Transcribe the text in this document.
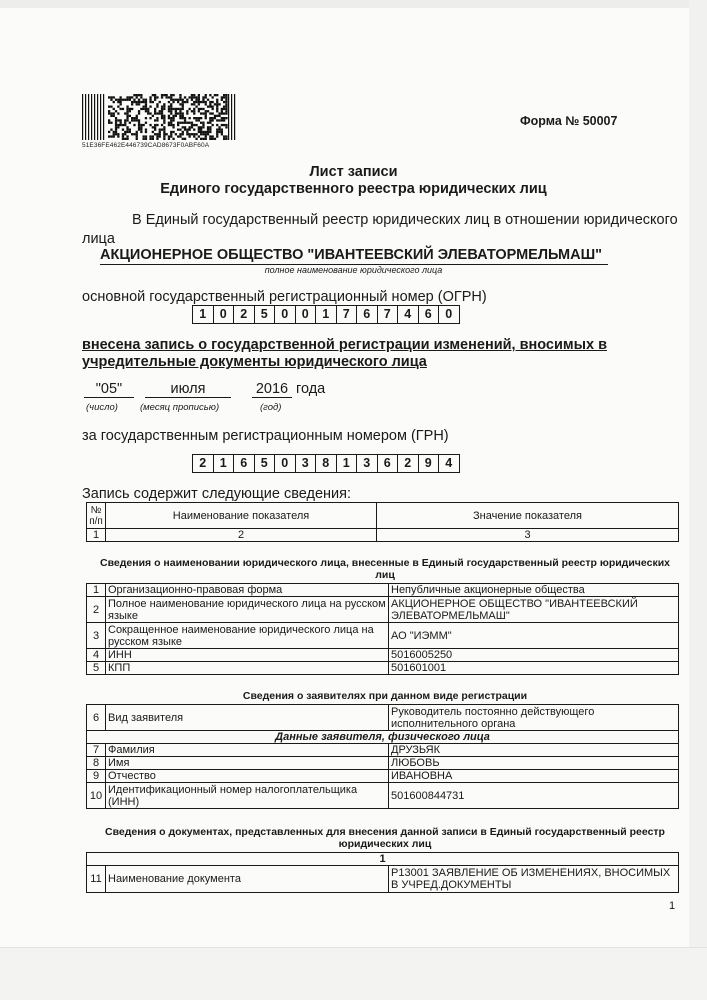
51E36FE462E446739CAD8673F0ABF60A
Форма № 50007
Лист записи
Единого государственного реестра юридических лиц
В Единый государственный реестр юридических лиц в отношении юридического
лица
АКЦИОНЕРНОЕ ОБЩЕСТВО "ИВАНТЕЕВСКИЙ ЭЛЕВАТОРМЕЛЬМАШ"
полное наименование юридического лица
основной государственный регистрационный номер (ОГРН)
1	0	2	5	0	0	1	7	6	7	4	6	0
внесена запись о государственной регистрации изменений, вносимых в учредительные документы юридического лица
"05"	июля	2016 года
(число) (месяц прописью)	(год)
за государственным регистрационным номером (ГРН)
2	1	6	5	0	3	8	1	3	6	2	9	4
Запись содержит следующие сведения:
№ п/п	Наименование показателя	Значение показателя
1	2	3
Сведения о наименовании юридического лица, внесенные в Единый государственный реестр юридических лиц
1	Организационно-правовая форма	Непубличные акционерные общества
2	Полное наименование юридического лица на русском языке	АКЦИОНЕРНОЕ ОБЩЕСТВО "ИВАНТЕЕВСКИЙ ЭЛЕВАТОРМЕЛЬМАШ"
3	Сокращенное наименование юридического лица на русском языке	АО "ИЭММ"
4	ИНН	5016005250
5	КПП	501601001
Сведения о заявителях при данном виде регистрации
6	Вид заявителя	Руководитель постоянно действующего исполнительного органа
Данные заявителя, физического лица		
7	Фамилия	ДРУЗЬЯК
8	Имя	ЛЮБОВЬ
9	Отчество	ИВАНОВНА
10	Идентификационный номер налогоплательщика (ИНН)	501600844731
Сведения о документах, представленных для внесения данной записи в Единый государственный реестр юридических лиц
1
11	Наименование документа	Р13001 ЗАЯВЛЕНИЕ ОБ ИЗМЕНЕНИЯХ, ВНОСИМЫХ В УЧРЕД.ДОКУМЕНТЫ
1
